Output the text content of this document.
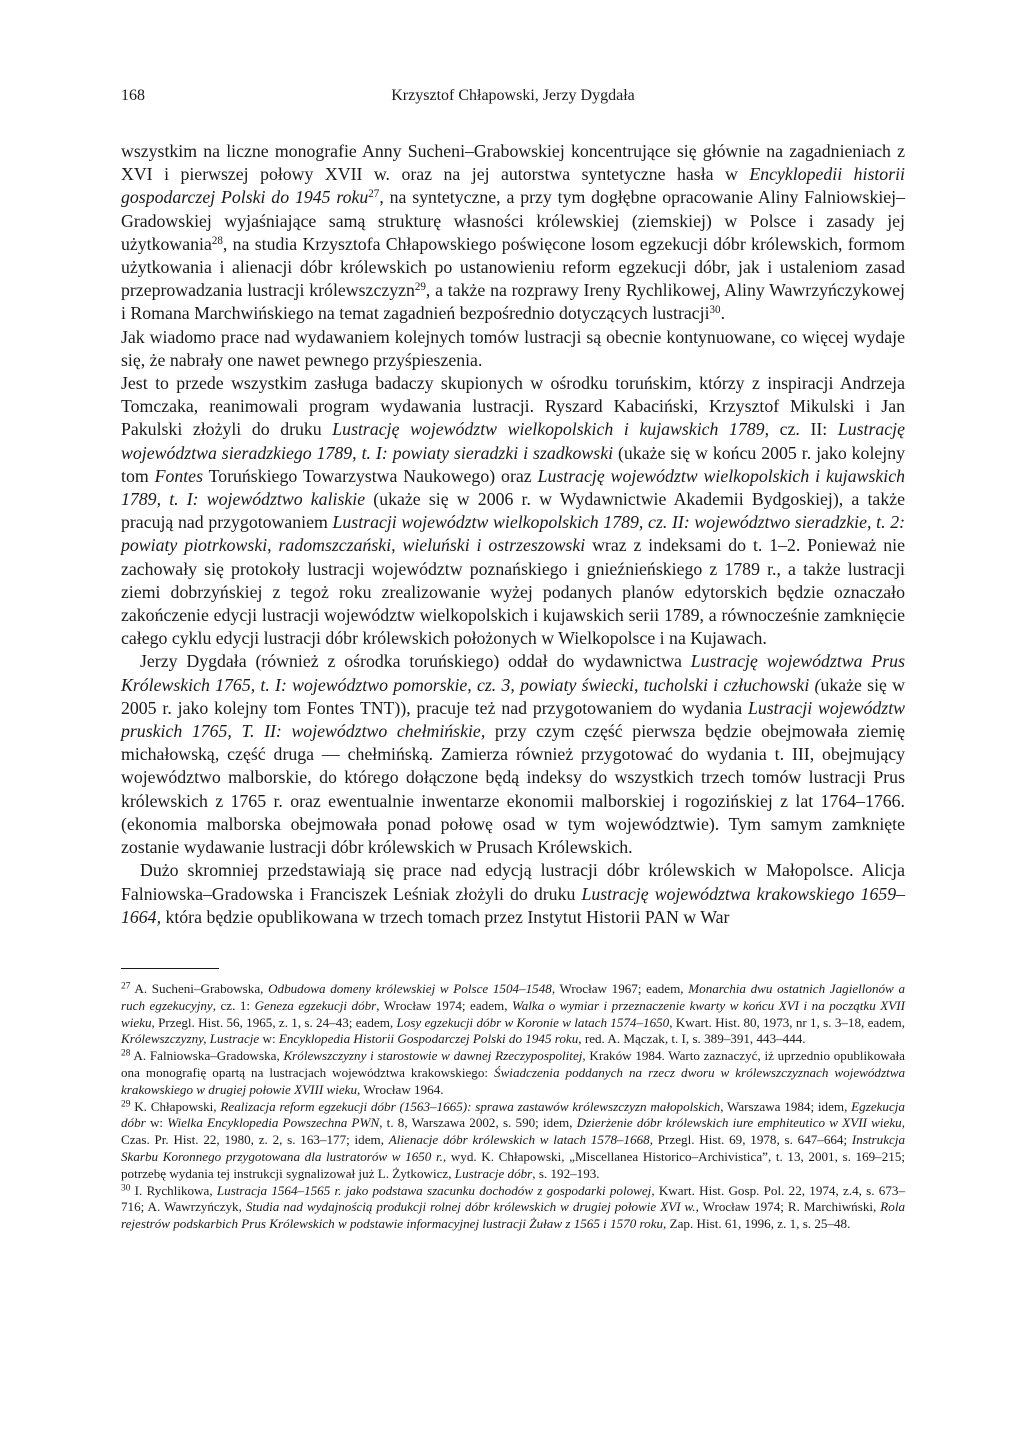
168	Krzysztof Chłapowski, Jerzy Dygdała

wszystkim na liczne monografie Anny Sucheni–Grabowskiej koncentrujące się głównie na zagadnieniach z XVI i pierwszej połowy XVII w. oraz na jej autorstwa syntetyczne hasła w Encyklopedii historii gospodarczej Polski do 1945 roku$^{27}$, na syntetyczne, a przy tym dogłębne opracowanie Aliny Falniowskiej–Gradowskiej wyjaśniające samą strukturę własności królewskiej (ziemskiej) w Polsce i zasady jej użytkowania$^{28}$, na studia Krzysztofa Chłapowskiego poświęcone losom egzekucji dóbr królewskich, formom użytkowania i alienacji dóbr królewskich po ustanowieniu reform egzekucji dóbr, jak i ustaleniom zasad przeprowadzania lustracji królewszczyzn$^{29}$, a także na rozprawy Ireny Rychlikowej, Aliny Wawrzyńczykowej i Romana Marchwińskiego na temat zagadnień bezpośrednio dotyczących lustracji$^{30}$.

Jak wiadomo prace nad wydawaniem kolejnych tomów lustracji są obecnie kontynuowane, co więcej wydaje się, że nabrały one nawet pewnego przyśpieszenia.

Jest to przede wszystkim zasługa badaczy skupionych w ośrodku toruńskim, którzy z inspiracji Andrzeja Tomczaka, reanimowali program wydawania lustracji. Ryszard Kabaciński, Krzysztof Mikulski i Jan Pakulski złożyli do druku Lustrację województw wielkopolskich i kujawskich 1789, cz. II: Lustrację województwa sieradzkiego 1789, t. I: powiaty sieradzki i szadkowski (ukaże się w końcu 2005 r. jako kolejny tom Fontes Toruńskiego Towarzystwa Naukowego) oraz Lustrację województw wielkopolskich i kujawskich 1789, t. I: województwo kaliskie (ukaże się w 2006 r. w Wydawnictwie Akademii Bydgoskiej), a także pracują nad przygotowaniem Lustracji województw wielkopolskich 1789, cz. II: województwo sieradzkie, t. 2: powiaty piotrkowski, radomszczański, wieluński i ostrzeszowski wraz z indeksami do t. 1–2. Ponieważ nie zachowały się protokoły lustracji województw poznańskiego i gnieźnieńskiego z 1789 r., a także lustracji ziemi dobrzyńskiej z tegoż roku zrealizowanie wyżej podanych planów edytorskich będzie oznaczało zakończenie edycji lustracji województw wielkopolskich i kujawskich serii 1789, a równocześnie zamknięcie całego cyklu edycji lustracji dóbr królewskich położonych w Wielkopolsce i na Kujawach.

Jerzy Dygdała (również z ośrodka toruńskiego) oddał do wydawnictwa Lustrację województwa Prus Królewskich 1765, t. I: województwo pomorskie, cz. 3, powiaty świecki, tucholski i człuchowski (ukaże się w 2005 r. jako kolejny tom Fontes TNT)), pracuje też nad przygotowaniem do wydania Lustracji województw pruskich 1765, T. II: województwo chełmińskie, przy czym część pierwsza będzie obejmowała ziemię michałowską, część druga — chełmińską. Zamierza również przygotować do wydania t. III, obejmujący województwo malborskie, do którego dołączone będą indeksy do wszystkich trzech tomów lustracji Prus królewskich z 1765 r. oraz ewentualnie inwentarze ekonomii malborskiej i rogozińskiej z lat 1764–1766. (ekonomia malborska obejmowała ponad połowę osad w tym województwie). Tym samym zamknięte zostanie wydawanie lustracji dóbr królewskich w Prusach Królewskich.

Dużo skromniej przedstawiają się prace nad edycją lustracji dóbr królewskich w Małopolsce. Alicja Falniowska–Gradowska i Franciszek Leśniak złożyli do druku Lustrację województwa krakowskiego 1659–1664, która będzie opublikowana w trzech tomach przez Instytut Historii PAN w War

$^{27}$ A. Sucheni–Grabowska, Odbudowa domeny królewskiej w Polsce 1504–1548, Wrocław 1967; eadem, Monarchia dwu ostatnich Jagiellonów a ruch egzekucyjny, cz. 1: Geneza egzekucji dóbr, Wrocław 1974; eadem, Walka o wymiar i przeznaczenie kwarty w końcu XVI i na początku XVII wieku, Przegl. Hist. 56, 1965, z. 1, s. 24–43; eadem, Losy egzekucji dóbr w Koronie w latach 1574–1650, Kwart. Hist. 80, 1973, nr 1, s. 3–18, eadem, Królewszczyzny, Lustracje w: Encyklopedia Historii Gospodarczej Polski do 1945 roku, red. A. Mączak, t. I, s. 389–391, 443–444.

$^{28}$ A. Falniowska–Gradowska, Królewszczyzny i starostowie w dawnej Rzeczypospolitej, Kraków 1984. Warto zaznaczyć, iż uprzednio opublikowała ona monografię opartą na lustracjach województwa krakowskiego: Świadczenia poddanych na rzecz dworu w królewszczyznach województwa krakowskiego w drugiej połowie XVIII wieku, Wrocław 1964.

$^{29}$ K. Chłapowski, Realizacja reform egzekucji dóbr (1563–1665): sprawa zastawów królewszczyzn małopolskich, Warszawa 1984; idem, Egzekucja dóbr w: Wielka Encyklopedia Powszechna PWN, t. 8, Warszawa 2002, s. 590; idem, Dzierżenie dóbr królewskich iure emphiteutico w XVII wieku, Czas. Pr. Hist. 22, 1980, z. 2, s. 163–177; idem, Alienacje dóbr królewskich w latach 1578–1668, Przegl. Hist. 69, 1978, s. 647–664; Instrukcja Skarbu Koronnego przygotowana dla lustratorów w 1650 r., wyd. K. Chłapowski, „Miscellanea Historico–Archivistica”, t. 13, 2001, s. 169–215; potrzebę wydania tej instrukcji sygnalizował już L. Żytkowicz, Lustracje dóbr, s. 192–193.

$^{30}$ I. Rychlikowa, Lustracja 1564–1565 r. jako podstawa szacunku dochodów z gospodarki polowej, Kwart. Hist. Gosp. Pol. 22, 1974, z.4, s. 673–716; A. Wawrzyńczyk, Studia nad wydajnością produkcji rolnej dóbr królewskich w drugiej połowie XVI w., Wrocław 1974; R. Marchiwński, Rola rejestrów podskarbich Prus Królewskich w podstawie informacyjnej lustracji Żuław z 1565 i 1570 roku, Zap. Hist. 61, 1996, z. 1, s. 25–48.
